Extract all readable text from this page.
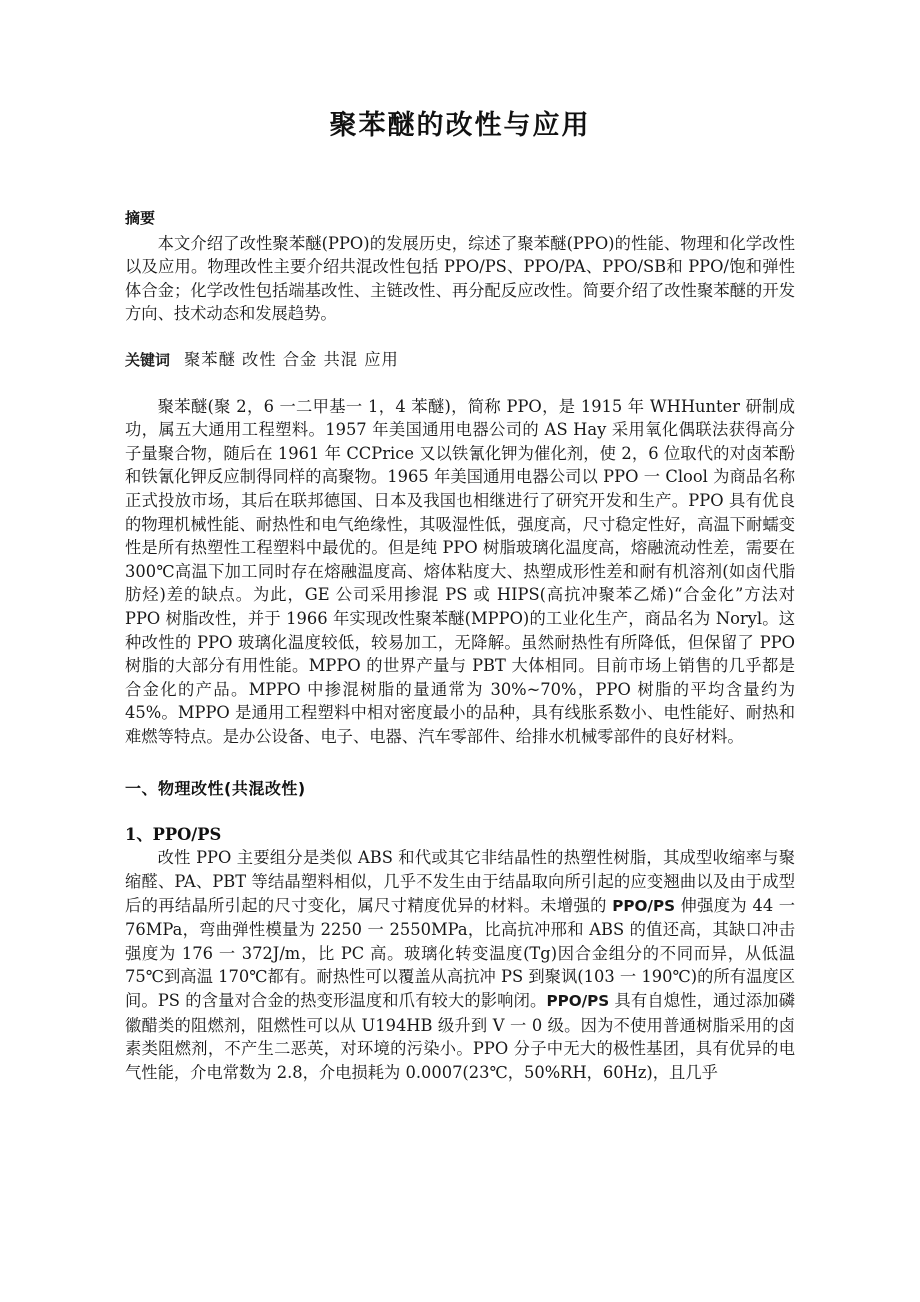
聚苯醚的改性与应用
摘要

本文介绍了改性聚苯醚(PPO)的发展历史，综述了聚苯醚(PPO)的性能、物理和化学改性以及应用。物理改性主要介绍共混改性包括 PPO/PS、PPO/PA、PPO/SB和 PPO/饱和弹性体合金；化学改性包括端基改性、主链改性、再分配反应改性。简要介绍了改性聚苯醚的开发方向、技术动态和发展趋势。

关键词 聚苯醚 改性 合金 共混 应用

聚苯醚(聚 2，6 一二甲基一 1，4 苯醚)，简称 PPO，是 1915 年 WHHunter 研制成功，属五大通用工程塑料。1957 年美国通用电器公司的 AS Hay 采用氧化偶联法获得高分子量聚合物，随后在 1961 年 CCPrice 又以铁氰化钾为催化剂，使 2，6 位取代的对卤苯酚和铁氰化钾反应制得同样的高聚物。1965 年美国通用电器公司以 PPO 一 Clool 为商品名称正式投放市场，其后在联邦德国、日本及我国也相继进行了研究开发和生产。PPO 具有优良的物理机械性能、耐热性和电气绝缘性，其吸湿性低，强度高，尺寸稳定性好，高温下耐蠕变性是所有热塑性工程塑料中最优的。但是纯 PPO 树脂玻璃化温度高，熔融流动性差，需要在 300℃高温下加工同时存在熔融温度高、熔体粘度大、热塑成形性差和耐有机溶剂(如卤代脂肪烃)差的缺点。为此，GE 公司采用掺混 PS 或 HIPS(高抗冲聚苯乙烯)“合金化”方法对 PPO 树脂改性，并于 1966 年实现改性聚苯醚(MPPO)的工业化生产，商品名为 Noryl。这种改性的 PPO 玻璃化温度较低，较易加工，无降解。虽然耐热性有所降低，但保留了 PPO 树脂的大部分有用性能。MPPO 的世界产量与 PBT 大体相同。目前市场上销售的几乎都是合金化的产品。MPPO 中掺混树脂的量通常为 30%~70%，PPO 树脂的平均含量约为 45%。MPPO 是通用工程塑料中相对密度最小的品种，具有线胀系数小、电性能好、耐热和难燃等特点。是办公设备、电子、电器、汽车零部件、给排水机械零部件的良好材料。

一、物理改性(共混改性)
1、PPO/PS

改性 PPO 主要组分是类似 ABS 和代或其它非结晶性的热塑性树脂，其成型收缩率与聚缩醛、PA、PBT 等结晶塑料相似，几乎不发生由于结晶取向所引起的应变翘曲以及由于成型后的再结晶所引起的尺寸变化，属尺寸精度优异的材料。未增强的 PPO/PS 伸强度为 44 一 76MPa，弯曲弹性模量为 2250 一 2550MPa，比高抗冲邢和 ABS 的值还高，其缺口冲击强度为 176 一 372J/m，比 PC 高。玻璃化转变温度(Tg)因合金组分的不同而异，从低温 75℃到高温 170℃都有。耐热性可以覆盖从高抗冲 PS 到聚讽(103 一 190℃)的所有温度区间。PS 的含量对合金的热变形温度和爪有较大的影响闭。PPO/PS 具有自熄性，通过添加磷徽醋类的阻燃剂，阻燃性可以从 U194HB 级升到 V 一 0 级。因为不使用普通树脂采用的卤素类阻燃剂，不产生二恶英，对环境的污染小。PPO 分子中无大的极性基团，具有优异的电气性能，介电常数为 2.8，介电损耗为 0.0007(23℃，50%RH，60Hz)，且几乎
